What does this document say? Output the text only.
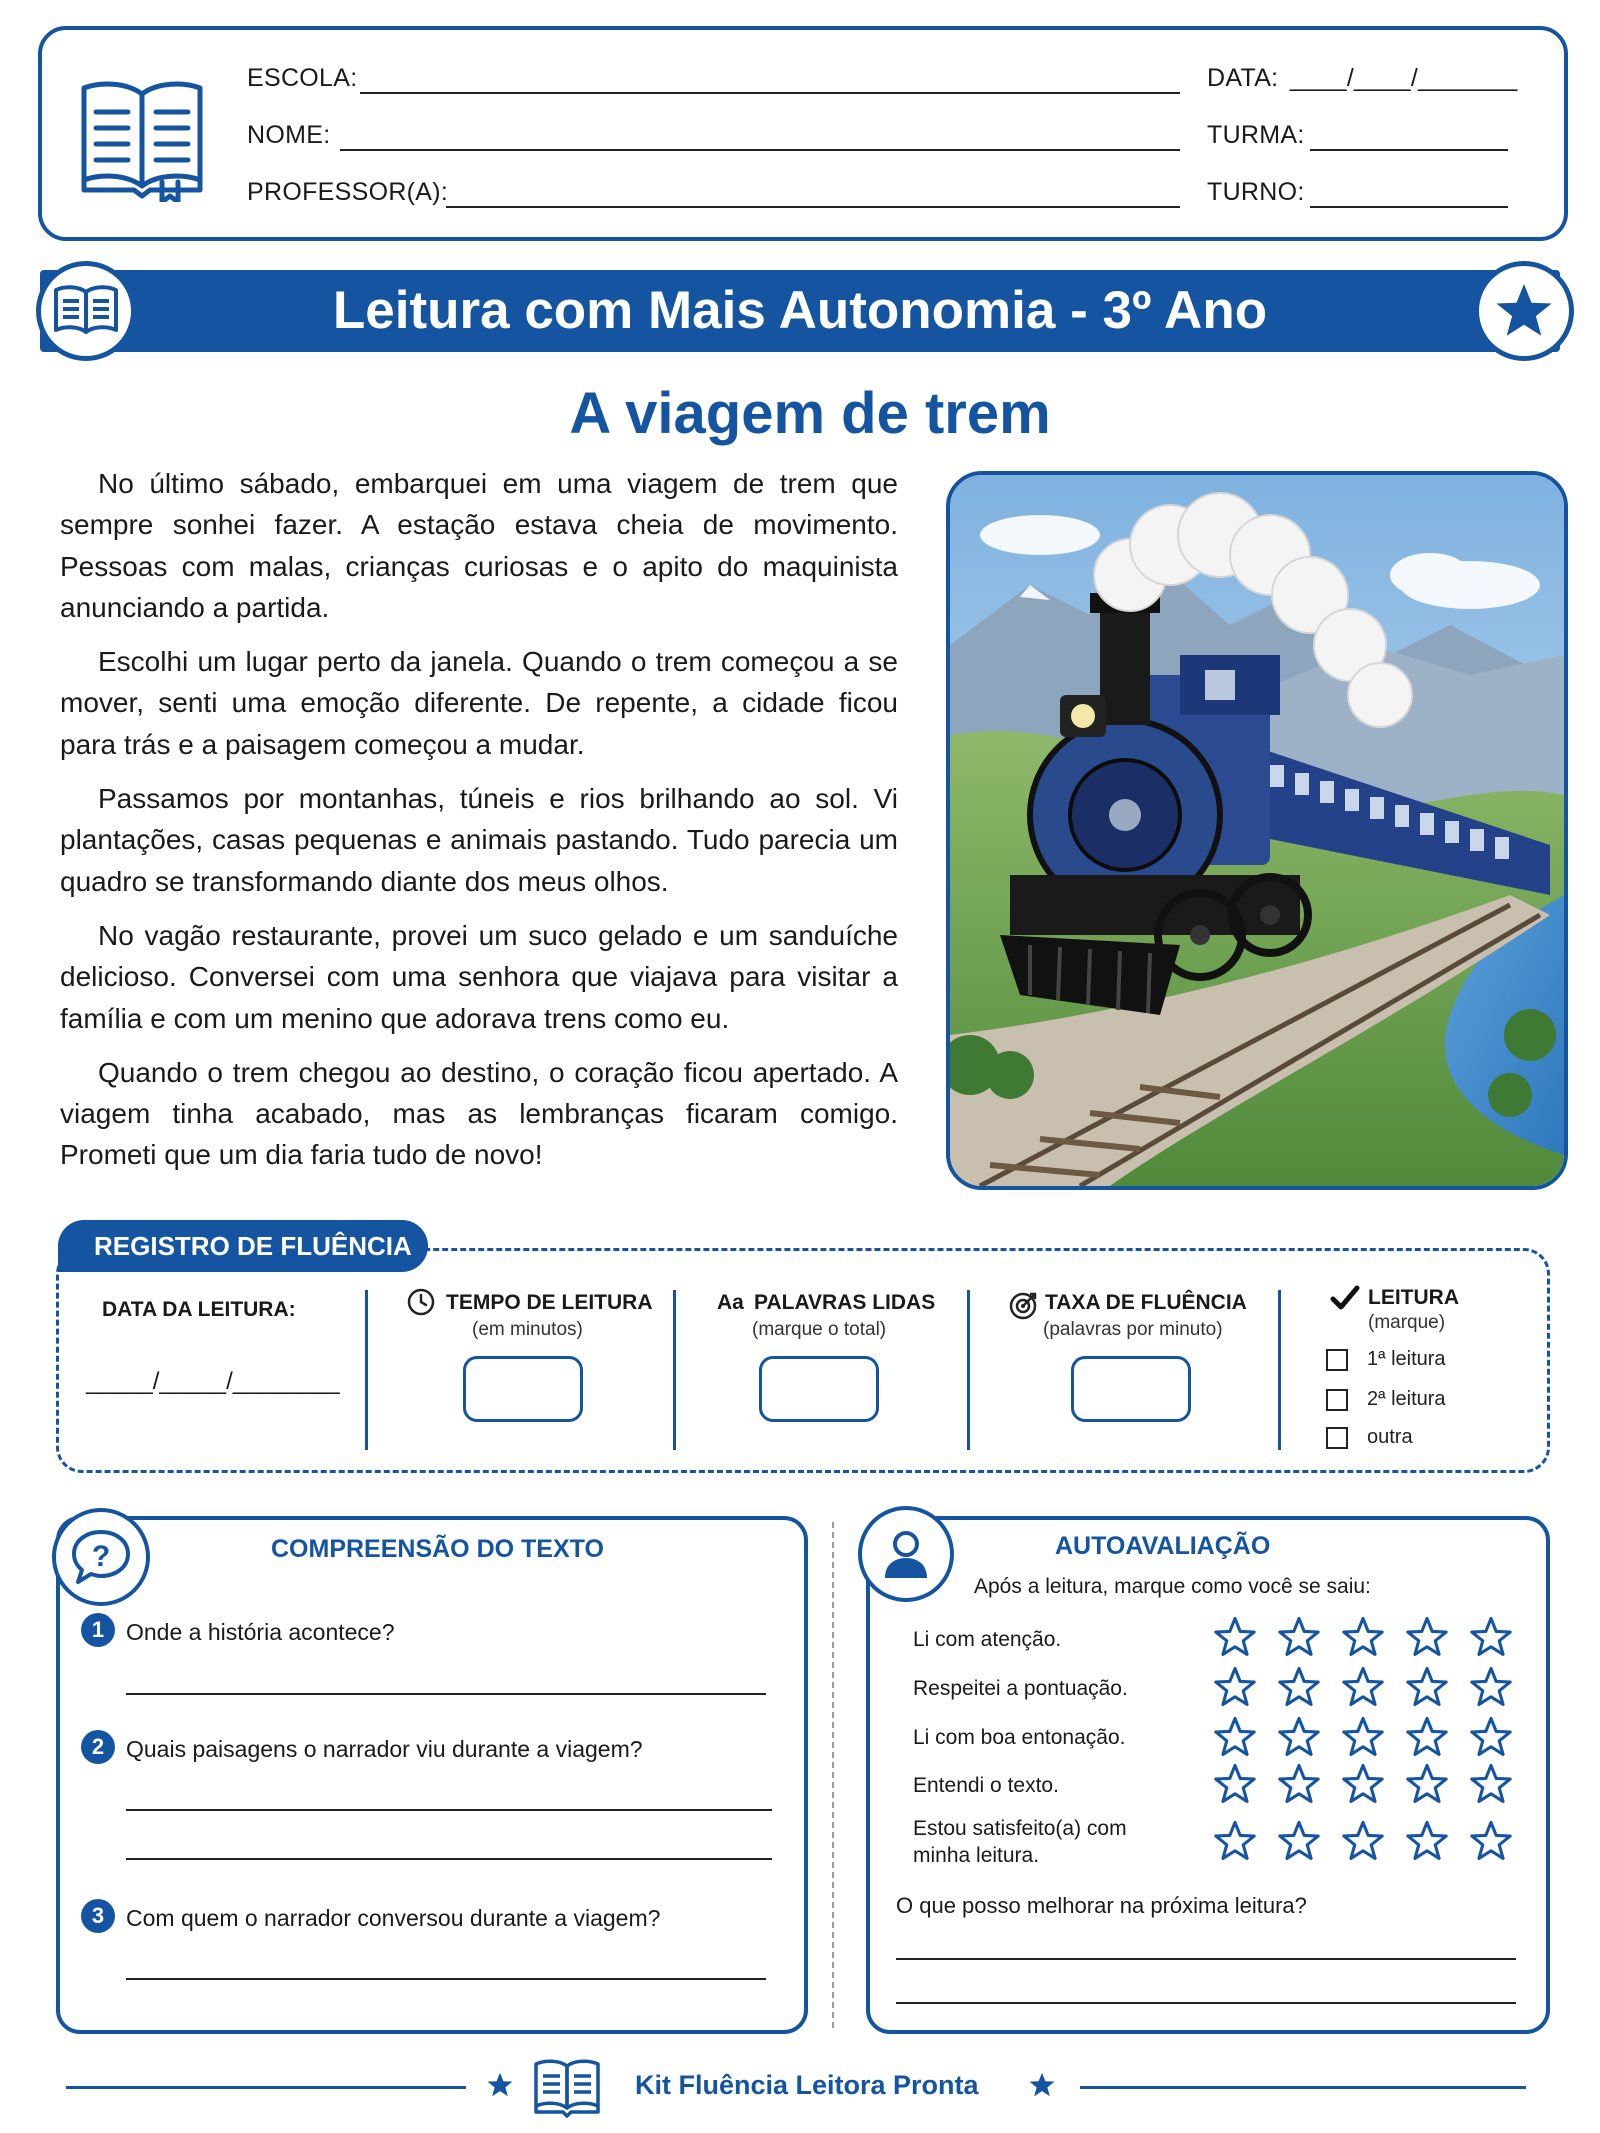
ESCOLA:
NOME:
PROFESSOR(A):
DATA: ____/____/_______
TURMA:
TURNO:
Leitura com Mais Autonomia - 3º Ano
A viagem de trem

No último sábado, embarquei em uma viagem de trem que sempre sonhei fazer. A estação estava cheia de movimento. Pessoas com malas, crianças curiosas e o apito do maquinista anunciando a partida.

Escolhi um lugar perto da janela. Quando o trem começou a se mover, senti uma emoção diferente. De repente, a cidade ficou para trás e a paisagem começou a mudar.

Passamos por montanhas, túneis e rios brilhando ao sol. Vi plantações, casas pequenas e animais pastando. Tudo parecia um quadro se transformando diante dos meus olhos.

No vagão restaurante, provei um suco gelado e um sanduíche delicioso. Conversei com uma senhora que viajava para visitar a família e com um menino que adorava trens como eu.

Quando o trem chegou ao destino, o coração ficou apertado. A viagem tinha acabado, mas as lembranças ficaram comigo. Prometi que um dia faria tudo de novo!

REGISTRO DE FLUÊNCIA
DATA DA LEITURA:
_____/_____/________
TEMPO DE LEITURA
(em minutos)
Aa PALAVRAS LIDAS
(marque o total)
TAXA DE FLUÊNCIA
(palavras por minuto)
LEITURA
(marque)
1ª leitura
2ª leitura
outra
?	COMPREENSÃO DO TEXTO
1 Onde a história acontece?
2 Quais paisagens o narrador viu durante a viagem?
3 Com quem o narrador conversou durante a viagem?
AUTOAVALIAÇÃO
Após a leitura, marque como você se saiu:
Li com atenção.
Respeitei a pontuação.
Li com boa entonação.
Entendi o texto.
Estou satisfeito(a) com minha leitura.
O que posso melhorar na próxima leitura?
Kit Fluência Leitora Pronta
